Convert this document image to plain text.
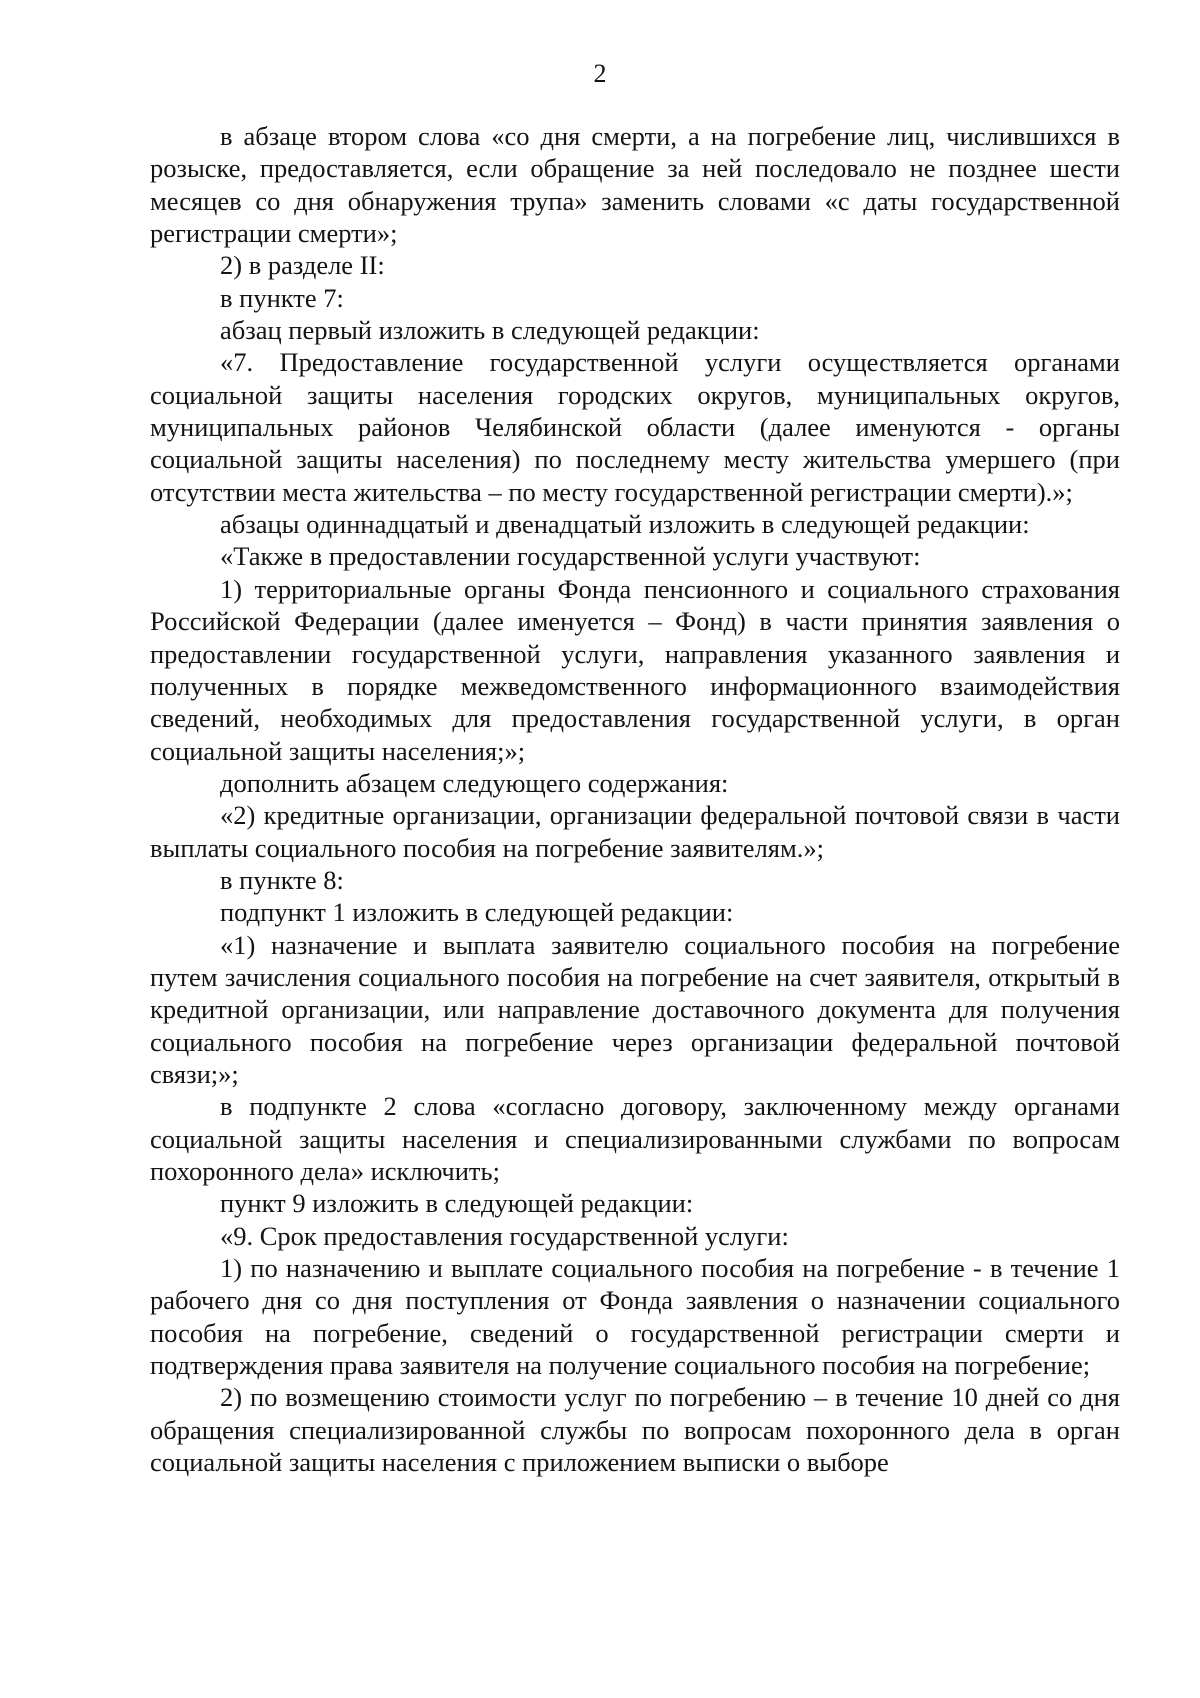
2

в абзаце втором слова «со дня смерти, а на погребение лиц, числившихся в розыске, предоставляется, если обращение за ней последовало не позднее шести месяцев со дня обнаружения трупа» заменить словами «с даты государственной регистрации смерти»;

2) в разделе II:

в пункте 7:

абзац первый изложить в следующей редакции:

«7. Предоставление государственной услуги осуществляется органами социальной защиты населения городских округов, муниципальных округов, муниципальных районов Челябинской области (далее именуются - органы социальной защиты населения) по последнему месту жительства умершего (при отсутствии места жительства – по месту государственной регистрации смерти).»;

абзацы одиннадцатый и двенадцатый изложить в следующей редакции:

«Также в предоставлении государственной услуги участвуют:

1) территориальные органы Фонда пенсионного и социального страхования Российской Федерации (далее именуется – Фонд) в части принятия заявления о предоставлении государственной услуги, направления указанного заявления и полученных в порядке межведомственного информационного взаимодействия сведений, необходимых для предоставления государственной услуги, в орган социальной защиты населения;»;

дополнить абзацем следующего содержания:

«2) кредитные организации, организации федеральной почтовой связи в части выплаты социального пособия на погребение заявителям.»;

в пункте 8:

подпункт 1 изложить в следующей редакции:

«1) назначение и выплата заявителю социального пособия на погребение путем зачисления социального пособия на погребение на счет заявителя, открытый в кредитной организации, или направление доставочного документа для получения социального пособия на погребение через организации федеральной почтовой связи;»;

в подпункте 2 слова «согласно договору, заключенному между органами социальной защиты населения и специализированными службами по вопросам похоронного дела» исключить;

пункт 9 изложить в следующей редакции:

«9. Срок предоставления государственной услуги:

1) по назначению и выплате социального пособия на погребение - в течение 1 рабочего дня со дня поступления от Фонда заявления о назначении социального пособия на погребение, сведений о государственной регистрации смерти и подтверждения права заявителя на получение социального пособия на погребение;

2) по возмещению стоимости услуг по погребению – в течение 10 дней со дня обращения специализированной службы по вопросам похоронного дела в орган социальной защиты населения с приложением выписки о выборе
